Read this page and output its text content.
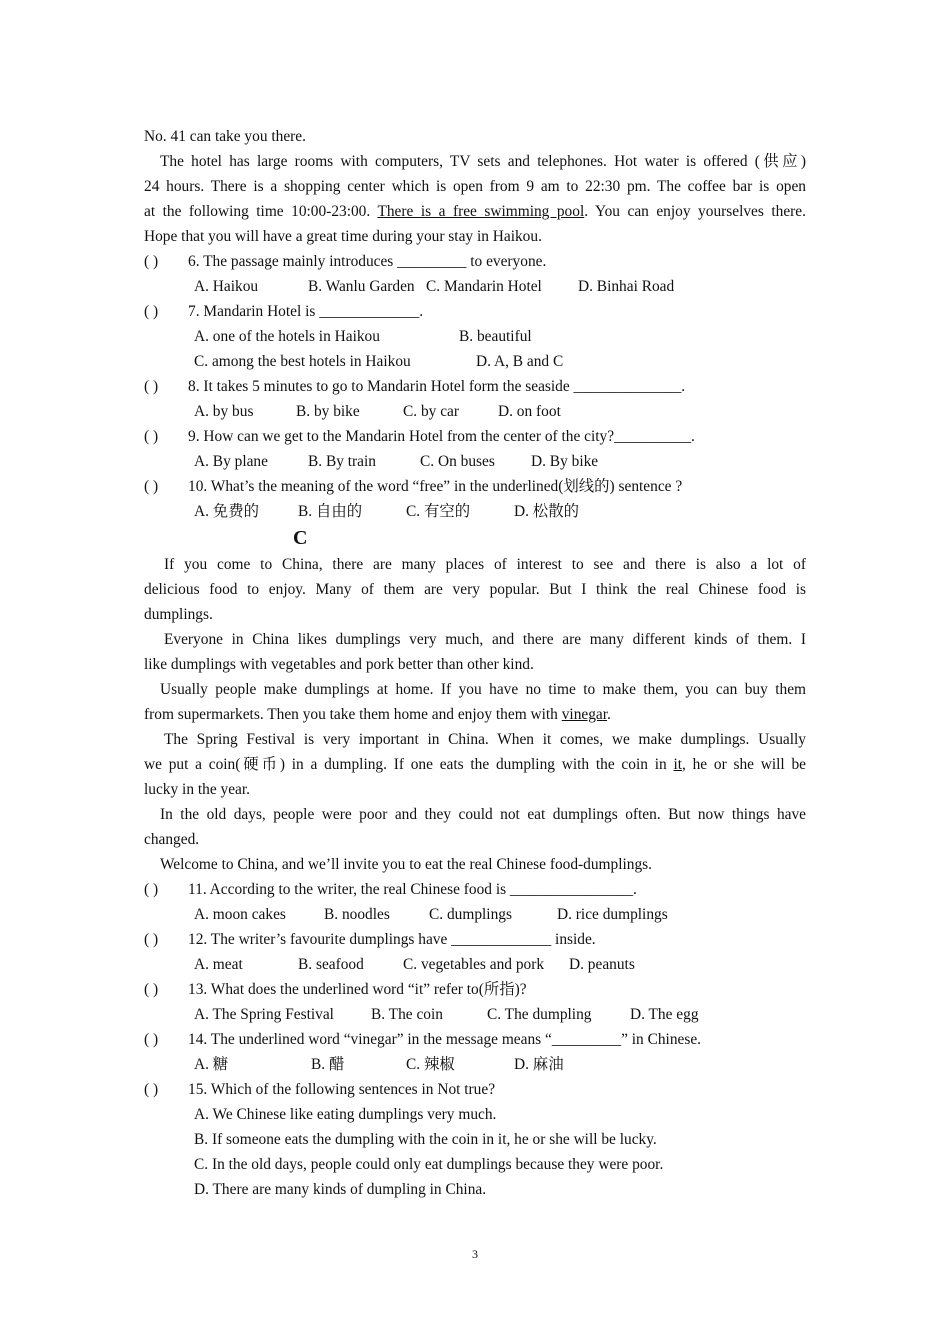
No. 41 can take you there.
The hotel has large rooms with computers, TV sets and telephones. Hot water is offered (供应)
24 hours. There is a shopping center which is open from 9 am to 22:30 pm. The coffee bar is open
at the following time 10:00-23:00. There is a free swimming pool. You can enjoy yourselves there.
Hope that you will have a great time during your stay in Haikou.
( )	6. The passage mainly introduces _________ to everyone.
A. Haikou	B. Wanlu Garden C. Mandarin Hotel	D. Binhai Road
( )	7. Mandarin Hotel is _____________.
A. one of the hotels in Haikou	B. beautiful
C. among the best hotels in Haikou	D. A, B and C
( )	8. It takes 5 minutes to go to Mandarin Hotel form the seaside ______________.
A. by bus	B. by bike	C. by car	D. on foot
( )	9. How can we get to the Mandarin Hotel from the center of the city?__________.
A. By plane	B. By train	C. On buses	D. By bike
( )	10. What’s the meaning of the word “free” in the underlined(划线的) sentence ?
A. 免费的	B. 自由的	C. 有空的	D. 松散的
C
If you come to China, there are many places of interest to see and there is also a lot of
delicious food to enjoy. Many of them are very popular. But I think the real Chinese food is
dumplings.
Everyone in China likes dumplings very much, and there are many different kinds of them. I
like dumplings with vegetables and pork better than other kind.
Usually people make dumplings at home. If you have no time to make them, you can buy them
from supermarkets. Then you take them home and enjoy them with vinegar.
The Spring Festival is very important in China. When it comes, we make dumplings. Usually
we put a coin(硬币) in a dumpling. If one eats the dumpling with the coin in it, he or she will be
lucky in the year.
In the old days, people were poor and they could not eat dumplings often. But now things have
changed.
Welcome to China, and we’ll invite you to eat the real Chinese food-dumplings.
( )	11. According to the writer, the real Chinese food is ________________.
A. moon cakes	B. noodles	C. dumplings	D. rice dumplings
( )	12. The writer’s favourite dumplings have _____________ inside.
A. meat	B. seafood	C. vegetables and pork	D. peanuts
( )	13. What does the underlined word “it” refer to(所指)?
A. The Spring Festival	B. The coin	C. The dumpling	D. The egg
( )	14. The underlined word “vinegar” in the message means “_________” in Chinese.
A. 糖	B. 醋	C. 辣椒	D. 麻油
( )	15. Which of the following sentences in Not true?
A. We Chinese like eating dumplings very much.
B. If someone eats the dumpling with the coin in it, he or she will be lucky.
C. In the old days, people could only eat dumplings because they were poor.
D. There are many kinds of dumpling in China.
3
